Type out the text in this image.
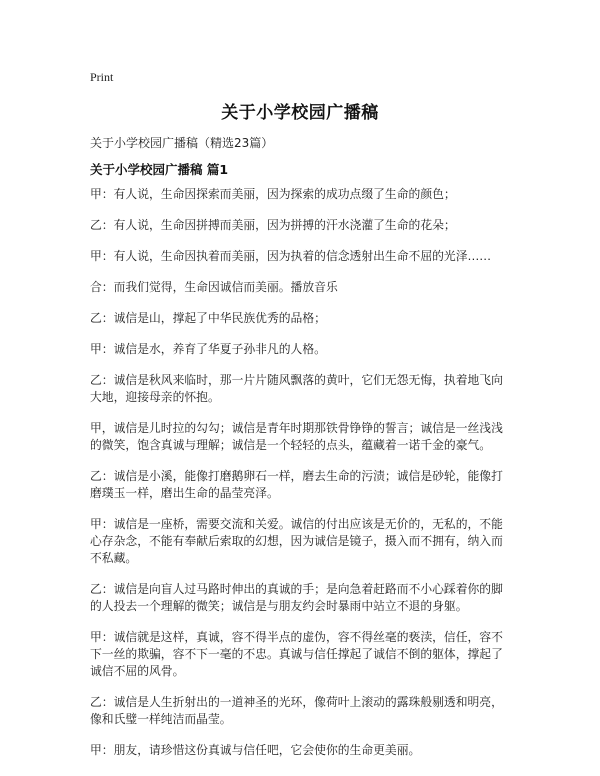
Print
关于小学校园广播稿
关于小学校园广播稿（精选23篇）
关于小学校园广播稿 篇1

甲：有人说，生命因探索而美丽，因为探索的成功点缀了生命的颜色；

乙：有人说，生命因拼搏而美丽，因为拼搏的汗水浇灌了生命的花朵；

甲：有人说，生命因执着而美丽，因为执着的信念透射出生命不屈的光泽……

合：而我们觉得，生命因诚信而美丽。播放音乐

乙：诚信是山，撑起了中华民族优秀的品格；

甲：诚信是水，养育了华夏子孙非凡的人格。

乙：诚信是秋风来临时，那一片片随风飘落的黄叶，它们无怨无悔，执着地飞向大地，迎接母亲的怀抱。

甲，诚信是儿时拉的勾勾；诚信是青年时期那铁骨铮铮的誓言；诚信是一丝浅浅的微笑，饱含真诚与理解；诚信是一个轻轻的点头，蕴藏着一诺千金的豪气。

乙：诚信是小溪，能像打磨鹅卵石一样，磨去生命的污渍；诚信是砂轮，能像打磨璞玉一样，磨出生命的晶莹亮泽。

甲：诚信是一座桥，需要交流和关爱。诚信的付出应该是无价的，无私的，不能心存杂念，不能有奉献后索取的幻想，因为诚信是镜子，摄入而不拥有，纳入而不私藏。

乙：诚信是向盲人过马路时伸出的真诚的手；是向急着赶路而不小心踩着你的脚的人投去一个理解的微笑；诚信是与朋友约会时暴雨中站立不退的身躯。

甲：诚信就是这样，真诚，容不得半点的虚伪，容不得丝毫的亵渎，信任，容不下一丝的欺骗，容不下一毫的不忠。真诚与信任撑起了诚信不倒的躯体，撑起了诚信不屈的风骨。

乙：诚信是人生折射出的一道神圣的光环，像荷叶上滚动的露珠般剔透和明亮，像和氏璧一样纯洁而晶莹。

甲：朋友，请珍惜这份真诚与信任吧，它会使你的生命更美丽。
